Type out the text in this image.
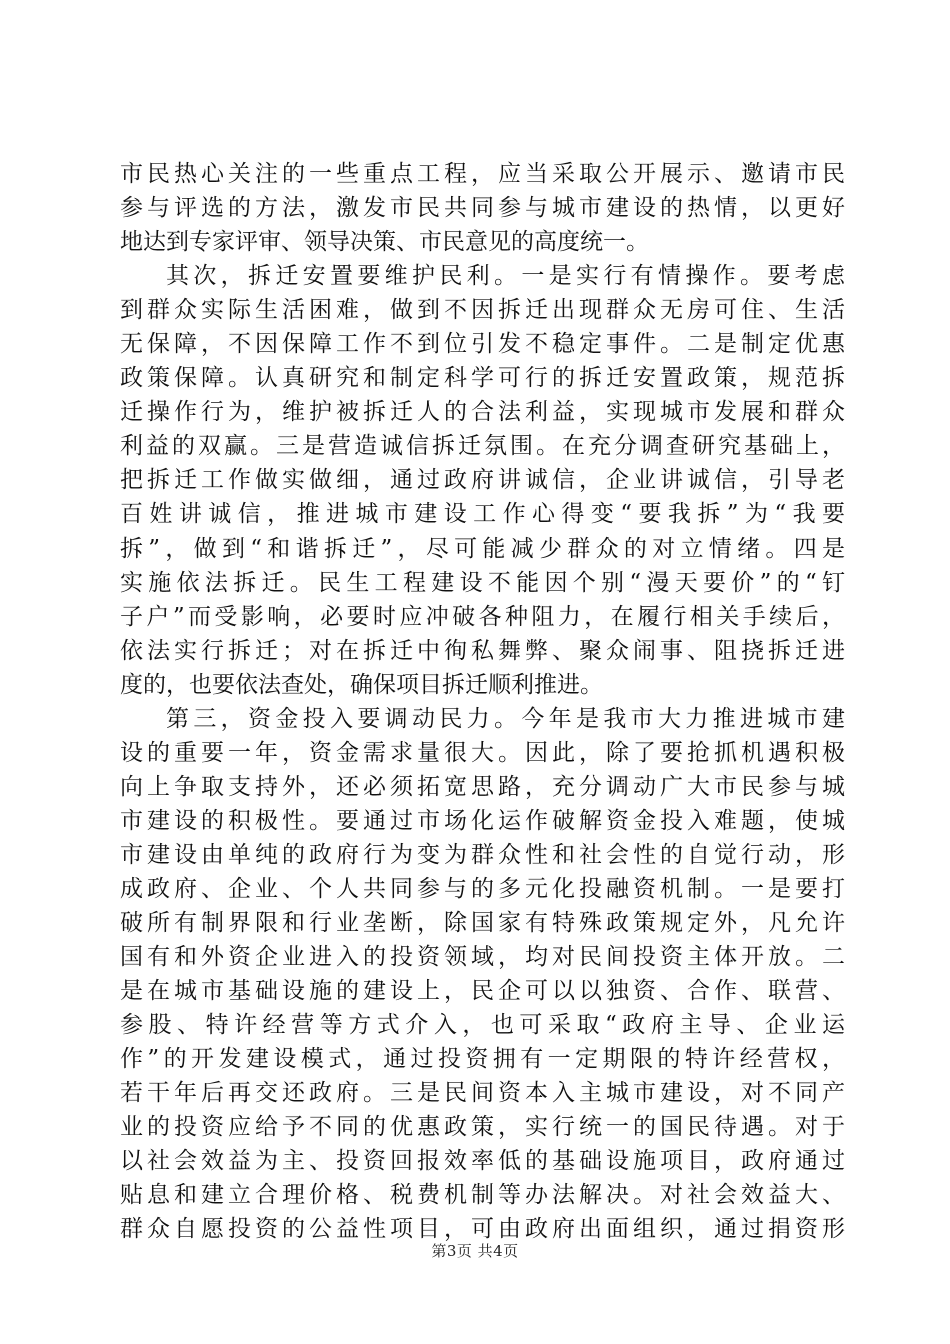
市民热心关注的一些重点工程，应当采取公开展示、邀请市民
参与评选的方法，激发市民共同参与城市建设的热情，以更好
地达到专家评审、领导决策、市民意见的高度统一。
其次，拆迁安置要维护民利。一是实行有情操作。要考虑
到群众实际生活困难，做到不因拆迁出现群众无房可住、生活
无保障，不因保障工作不到位引发不稳定事件。二是制定优惠
政策保障。认真研究和制定科学可行的拆迁安置政策，规范拆
迁操作行为，维护被拆迁人的合法利益，实现城市发展和群众
利益的双赢。三是营造诚信拆迁氛围。在充分调查研究基础上，
把拆迁工作做实做细，通过政府讲诚信，企业讲诚信，引导老
百姓讲诚信，推进城市建设工作心得变“要我拆”为“我要
拆”，做到“和谐拆迁”，尽可能减少群众的对立情绪。四是
实施依法拆迁。民生工程建设不能因个别“漫天要价”的“钉
子户”而受影响，必要时应冲破各种阻力，在履行相关手续后，
依法实行拆迁；对在拆迁中徇私舞弊、聚众闹事、阻挠拆迁进
度的，也要依法查处，确保项目拆迁顺利推进。
第三，资金投入要调动民力。今年是我市大力推进城市建
设的重要一年，资金需求量很大。因此，除了要抢抓机遇积极
向上争取支持外，还必须拓宽思路，充分调动广大市民参与城
市建设的积极性。要通过市场化运作破解资金投入难题，使城
市建设由单纯的政府行为变为群众性和社会性的自觉行动，形
成政府、企业、个人共同参与的多元化投融资机制。一是要打
破所有制界限和行业垄断，除国家有特殊政策规定外，凡允许
国有和外资企业进入的投资领域，均对民间投资主体开放。二
是在城市基础设施的建设上，民企可以以独资、合作、联营、
参股、特许经营等方式介入，也可采取“政府主导、企业运
作”的开发建设模式，通过投资拥有一定期限的特许经营权，
若干年后再交还政府。三是民间资本入主城市建设，对不同产
业的投资应给予不同的优惠政策，实行统一的国民待遇。对于
以社会效益为主、投资回报效率低的基础设施项目，政府通过
贴息和建立合理价格、税费机制等办法解决。对社会效益大、
群众自愿投资的公益性项目，可由政府出面组织，通过捐资形
第3页 共4页
